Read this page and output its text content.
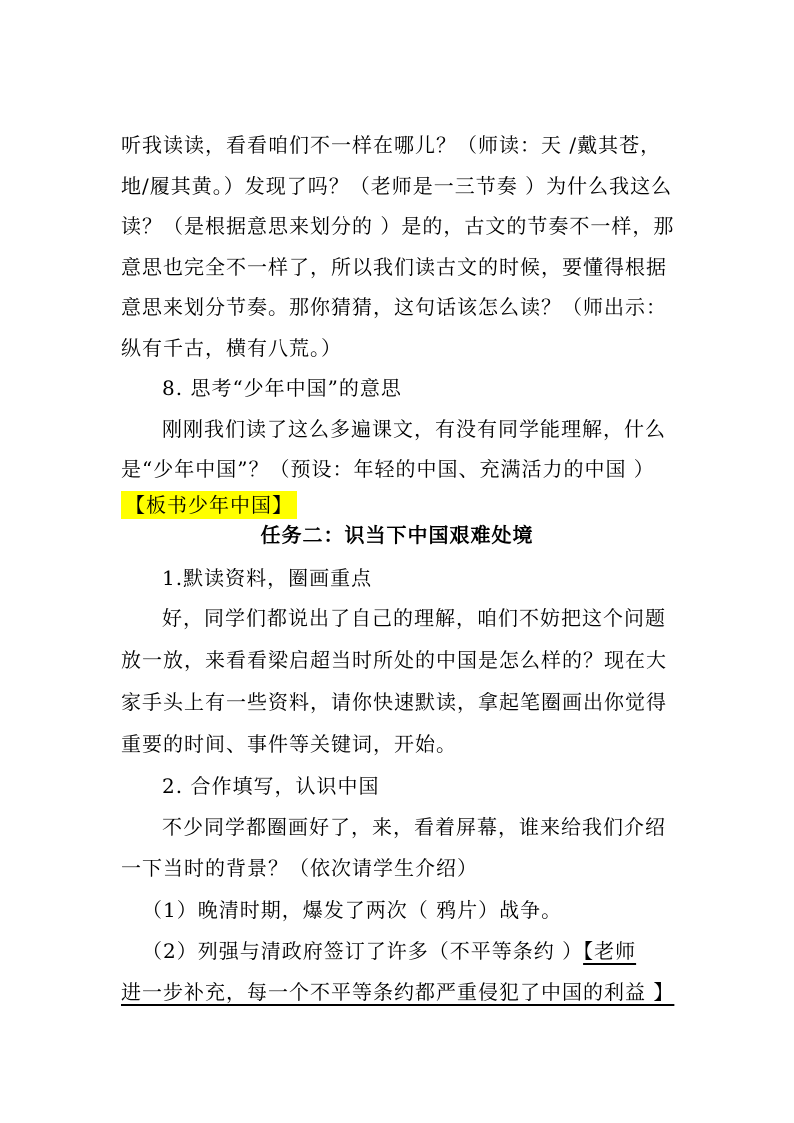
听我读读，看看咱们不一样在哪儿？（师读：天 /戴其苍，
地/履其黄。）发现了吗？（老师是一三节奏 ）为什么我这么
读？（是根据意思来划分的 ）是的，古文的节奏不一样，那
意思也完全不一样了，所以我们读古文的时候，要懂得根据
意思来划分节奏。那你猜猜，这句话该怎么读？（师出示：
纵有千古，横有八荒。）
8. 思考“少年中国”的意思
刚刚我们读了这么多遍课文，有没有同学能理解，什么
是“少年中国”？（预设：年轻的中国、充满活力的中国 ）
【板书少年中国】
任务二：识当下中国艰难处境
1.默读资料，圈画重点
好，同学们都说出了自己的理解，咱们不妨把这个问题
放一放，来看看梁启超当时所处的中国是怎么样的？现在大
家手头上有一些资料，请你快速默读，拿起笔圈画出你觉得
重要的时间、事件等关键词，开始。
2. 合作填写，认识中国
不少同学都圈画好了，来，看着屏幕，谁来给我们介绍
一下当时的背景？（依次请学生介绍）
（1）晚清时期，爆发了两次（ 鸦片）战争。
（2）列强与清政府签订了许多（不平等条约 ）【老师
进一步补充，每一个不平等条约都严重侵犯了中国的利益 】
